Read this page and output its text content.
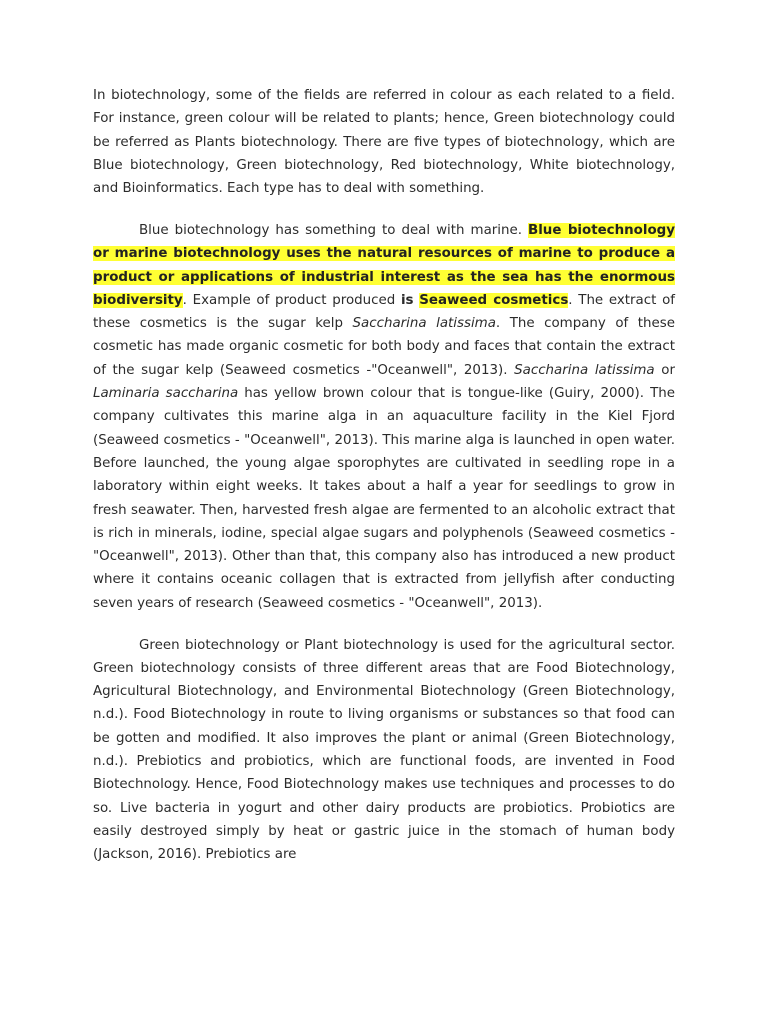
In biotechnology, some of the fields are referred in colour as each related to a field. For instance, green colour will be related to plants; hence, Green biotechnology could be referred as Plants biotechnology. There are five types of biotechnology, which are Blue biotechnology, Green biotechnology, Red biotechnology, White biotechnology, and Bioinformatics. Each type has to deal with something.

Blue biotechnology has something to deal with marine. Blue biotechnology or marine biotechnology uses the natural resources of marine to produce a product or applications of industrial interest as the sea has the enormous biodiversity. Example of product produced is Seaweed cosmetics. The extract of these cosmetics is the sugar kelp Saccharina latissima. The company of these cosmetic has made organic cosmetic for both body and faces that contain the extract of the sugar kelp (Seaweed cosmetics -"Oceanwell", 2013). Saccharina latissima or Laminaria saccharina has yellow brown colour that is tongue-like (Guiry, 2000). The company cultivates this marine alga in an aquaculture facility in the Kiel Fjord (Seaweed cosmetics - "Oceanwell", 2013). This marine alga is launched in open water. Before launched, the young algae sporophytes are cultivated in seedling rope in a laboratory within eight weeks. It takes about a half a year for seedlings to grow in fresh seawater. Then, harvested fresh algae are fermented to an alcoholic extract that is rich in minerals, iodine, special algae sugars and polyphenols (Seaweed cosmetics - "Oceanwell", 2013). Other than that, this company also has introduced a new product where it contains oceanic collagen that is extracted from jellyfish after conducting seven years of research (Seaweed cosmetics - "Oceanwell", 2013).

Green biotechnology or Plant biotechnology is used for the agricultural sector. Green biotechnology consists of three different areas that are Food Biotechnology, Agricultural Biotechnology, and Environmental Biotechnology (Green Biotechnology, n.d.). Food Biotechnology in route to living organisms or substances so that food can be gotten and modified. It also improves the plant or animal (Green Biotechnology, n.d.). Prebiotics and probiotics, which are functional foods, are invented in Food Biotechnology. Hence, Food Biotechnology makes use techniques and processes to do so. Live bacteria in yogurt and other dairy products are probiotics. Probiotics are easily destroyed simply by heat or gastric juice in the stomach of human body (Jackson, 2016). Prebiotics are
